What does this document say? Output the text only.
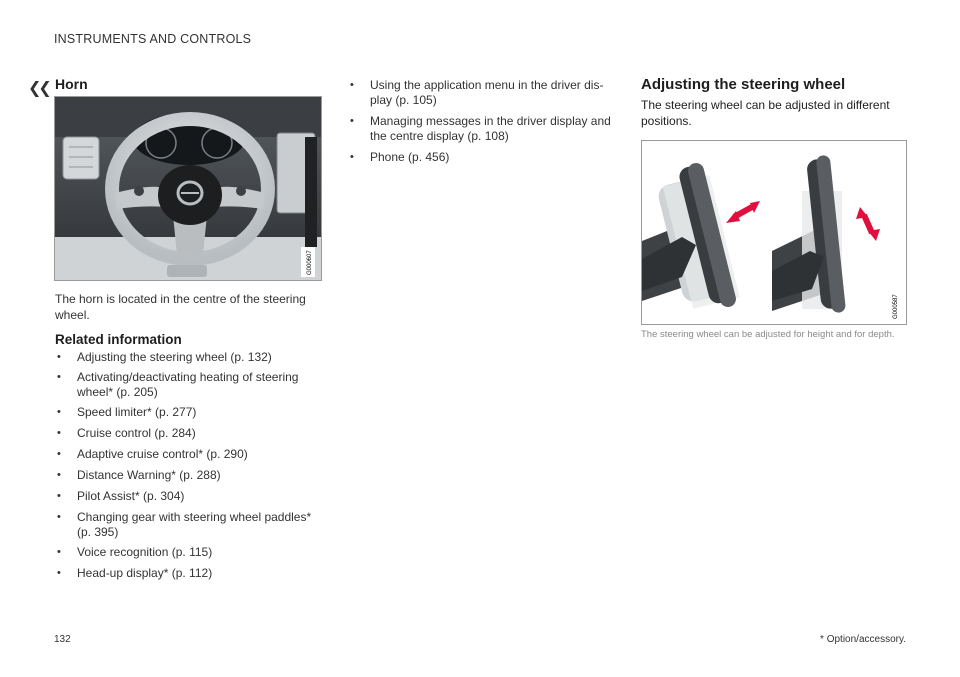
INSTRUMENTS AND CONTROLS
❮❮ Horn
G000607
The horn is located in the centre of the steering wheel.
Related information
• Adjusting the steering wheel (p. 132)
• Activating/deactivating heating of steering wheel* (p. 205)
• Speed limiter* (p. 277)
• Cruise control (p. 284)
• Adaptive cruise control* (p. 290)
• Distance Warning* (p. 288)
• Pilot Assist* (p. 304)
• Changing gear with steering wheel paddles* (p. 395)
• Voice recognition (p. 115)
• Head-up display* (p. 112)
• Using the application menu in the driver dis-play (p. 105)
• Managing messages in the driver display and the centre display (p. 108)
• Phone (p. 456)
Adjusting the steering wheel
The steering wheel can be adjusted in different positions.
G000587
The steering wheel can be adjusted for height and for depth.
132	* Option/accessory.
